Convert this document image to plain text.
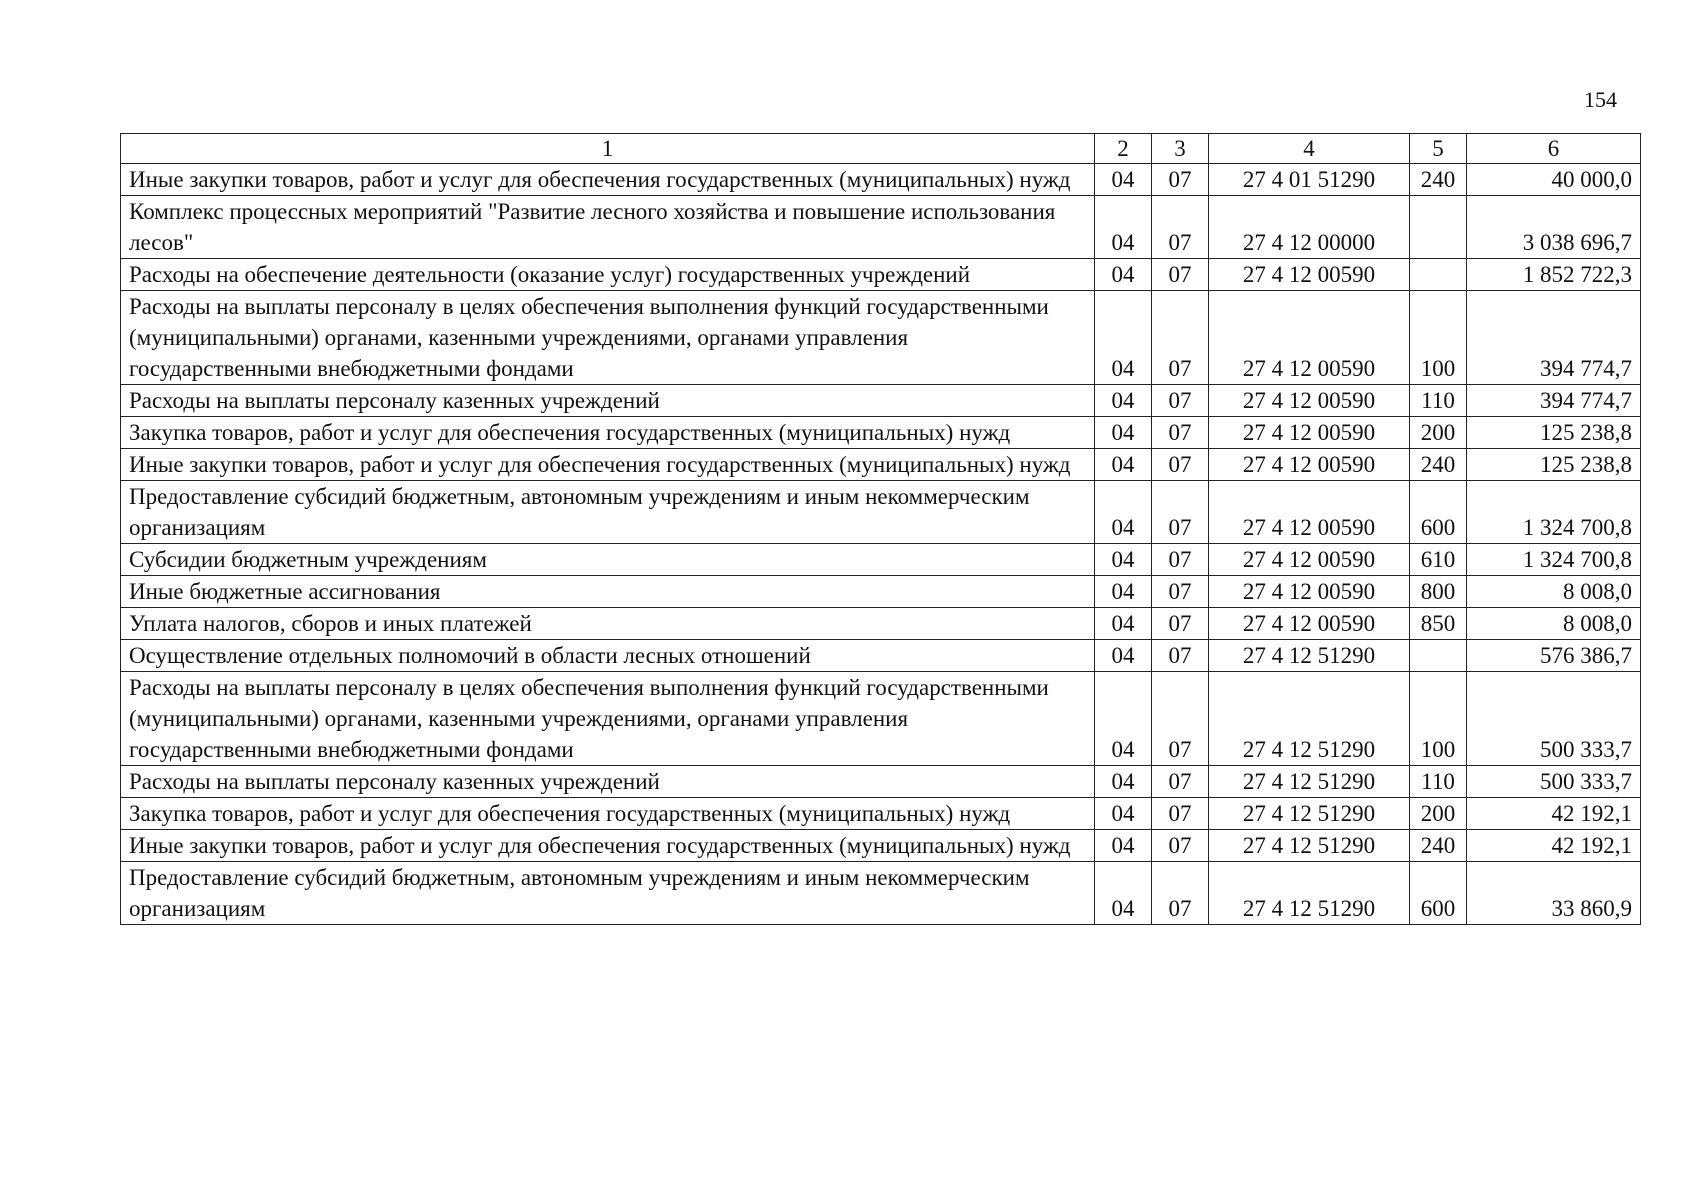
154
1	2	3	4	5	6
Иные закупки товаров, работ и услуг для обеспечения государственных (муниципальных) нужд	04	07	27 4 01 51290	240	40 000,0
Комплекс процессных мероприятий "Развитие лесного хозяйства и повышение использования лесов"	04	07	27 4 12 00000		3 038 696,7
Расходы на обеспечение деятельности (оказание услуг) государственных учреждений	04	07	27 4 12 00590		1 852 722,3
Расходы на выплаты персоналу в целях обеспечения выполнения функций государственными (муниципальными) органами, казенными учреждениями, органами управления государственными внебюджетными фондами	04	07	27 4 12 00590	100	394 774,7
Расходы на выплаты персоналу казенных учреждений	04	07	27 4 12 00590	110	394 774,7
Закупка товаров, работ и услуг для обеспечения государственных (муниципальных) нужд	04	07	27 4 12 00590	200	125 238,8
Иные закупки товаров, работ и услуг для обеспечения государственных (муниципальных) нужд	04	07	27 4 12 00590	240	125 238,8
Предоставление субсидий бюджетным, автономным учреждениям и иным некоммерческим организациям	04	07	27 4 12 00590	600	1 324 700,8
Субсидии бюджетным учреждениям	04	07	27 4 12 00590	610	1 324 700,8
Иные бюджетные ассигнования	04	07	27 4 12 00590	800	8 008,0
Уплата налогов, сборов и иных платежей	04	07	27 4 12 00590	850	8 008,0
Осуществление отдельных полномочий в области лесных отношений	04	07	27 4 12 51290		576 386,7
Расходы на выплаты персоналу в целях обеспечения выполнения функций государственными (муниципальными) органами, казенными учреждениями, органами управления государственными внебюджетными фондами	04	07	27 4 12 51290	100	500 333,7
Расходы на выплаты персоналу казенных учреждений	04	07	27 4 12 51290	110	500 333,7
Закупка товаров, работ и услуг для обеспечения государственных (муниципальных) нужд	04	07	27 4 12 51290	200	42 192,1
Иные закупки товаров, работ и услуг для обеспечения государственных (муниципальных) нужд	04	07	27 4 12 51290	240	42 192,1
Предоставление субсидий бюджетным, автономным учреждениям и иным некоммерческим организациям	04	07	27 4 12 51290	600	33 860,9
